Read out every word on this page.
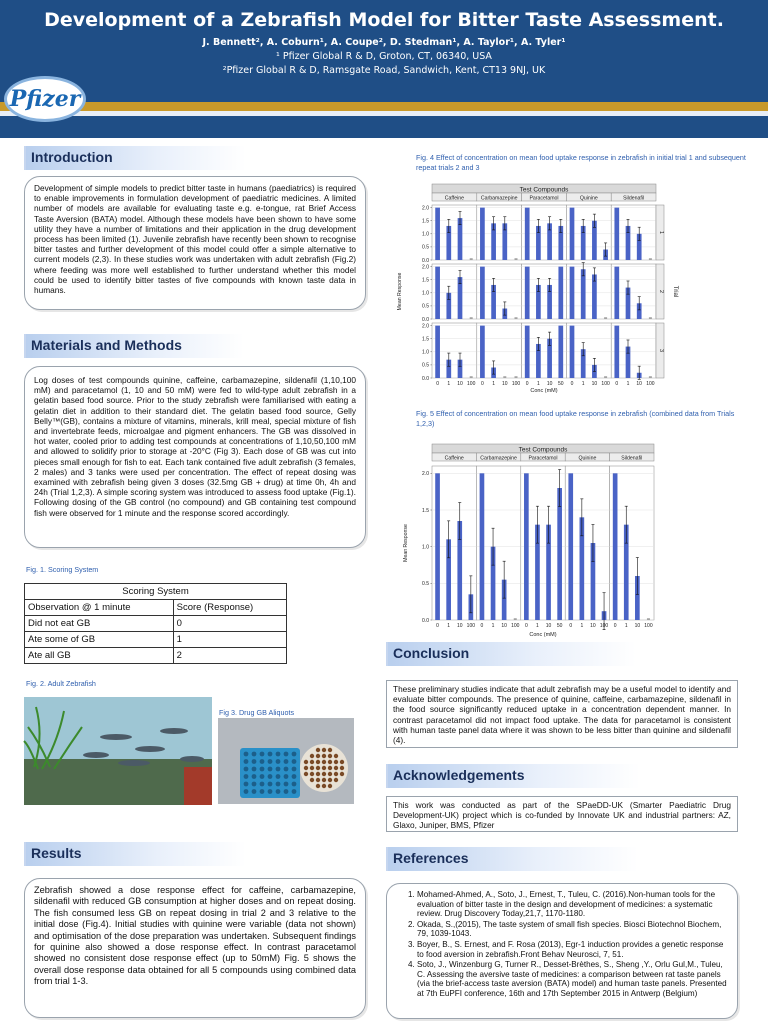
Development of a Zebrafish Model for Bitter Taste Assessment.
J. Bennett², A. Coburn¹, A. Coupe², D. Stedman¹, A. Taylor¹, A. Tyler¹
¹ Pfizer Global R & D, Groton, CT, 06340, USA
²Pfizer Global R & D, Ramsgate Road, Sandwich, Kent, CT13 9NJ, UK
Pfizer
Introduction

Development of simple models to predict bitter taste in humans (paediatrics) is required to enable improvements in formulation development of paediatric medicines. A limited number of models are available for evaluating taste e.g. e-tongue, rat Brief Access Taste Aversion (BATA) model. Although these models have been shown to have some utility they have a number of limitations and their application in the drug development process has been limited (1). Juvenile zebrafish have recently been shown to recognise bitter tastes and further development of this model could offer a simple alternative to current models (2,3). In these studies work was undertaken with adult zebrafish (Fig.2) where feeding was more well established to further understand whether this model could be used to identify bitter tastes of five compounds with known taste data in humans.

Materials and Methods

Log doses of test compounds quinine, caffeine, carbamazepine, sildenafil (1,10,100 mM) and paracetamol (1, 10 and 50 mM) were fed to wild-type adult zebrafish in a gelatin based food source. Prior to the study zebrafish were familiarised with eating a gelatin diet in addition to their standard diet. The gelatin based food source, Gelly Belly™(GB), contains a mixture of vitamins, minerals, krill meal, special mixture of fish and invertebrate feeds, microalgae and pigment enhancers. The GB was dissolved in hot water, cooled prior to adding test compounds at concentrations of 1,10,50,100 mM and allowed to solidify prior to storage at -20°C (Fig 3). Each dose of GB was cut into pieces small enough for fish to eat. Each tank contained five adult zebrafish (3 females, 2 males) and 3 tanks were used per concentration. The effect of repeat dosing was examined with zebrafish being given 3 doses (32.5mg GB + drug) at time 0h, 4h and 24h (Trial 1,2,3). A simple scoring system was introduced to assess food uptake (Fig.1). Following dosing of the GB control (no compound) and GB containing test compound fish were observed for 1 minute and the response scored accordingly.

Fig. 1. Scoring System
Scoring System	
Observation @ 1 minute	Score (Response)
Did not eat GB	0
Ate some of GB	1
Ate all GB	2
Fig. 2. Adult Zebrafish
Fig 3. Drug GB Aliquots
Results

Zebrafish showed a dose response effect for caffeine, carbamazepine, sildenafil with reduced GB consumption at higher doses and on repeat dosing. The fish consumed less GB on repeat dosing in trial 2 and 3 relative to the initial dose (Fig.4). Initial studies with quinine were variable (data not shown) and optimisation of the dose preparation was undertaken. Subsequent findings for quinine also showed a dose response effect. In contrast paracetamol showed no consistent dose response effect (up to 50mM) Fig. 5 shows the overall dose response data obtained for all 5 compounds using combined data from trial 1-3.

Fig. 4 Effect of concentration on mean food uptake response in zebrafish in initial trial 1 and subsequent repeat trials 2 and 3
Test Compounds
Caffeine	Carbamazepine Paracetamol	Quinine	Sildenafil
0.0
0.5
1.0
1.5
2.0
1
0.0
0.5
1.0
1.5
2.0
2
0.0
0.5
1.0
1.5
2.0
0 1 10 100 0 1 10 100 0 1 10 50 0 1 10 100 0 1 10 100
3
Trial
Conc (mM)
Mean Response
Fig. 5 Effect of concentration on mean food uptake response in zebrafish (combined data from Trials 1,2,3)
Test Compounds
Caffeine	Carbamazepine Paracetamol	Quinine	Sildenafil
0.0
0.5
1.0
1.5
2.0
0 1 10 100 0 1 10 100 0 1 10 50 0 1 10 100 0 1 10 100
Conc (mM)
Mean Response
Conclusion

These preliminary studies indicate that adult zebrafish may be a useful model to identify and evaluate bitter compounds. The presence of quinine, caffeine, carbamazepine, sildenafil in the food source significantly reduced uptake in a concentration dependent manner. In contrast paracetamol did not impact food uptake. The data for paracetamol is consistent with human taste panel data where it was shown to be less bitter than quinine and sildenafil (4).

Acknowledgements

This work was conducted as part of the SPaeDD-UK (Smarter Paediatric Drug Development-UK) project which is co-funded by Innovate UK and industrial partners: AZ, Glaxo, Juniper, BMS, Pfizer

References
1. Mohamed-Ahmed, A., Soto, J., Ernest, T., Tuleu, C. (2016).Non-human tools for the evaluation of bitter taste in the design and development of medicines: a systematic review. Drug Discovery Today,21,7, 1170-1180.
2. Okada, S.,(2015), The taste system of small fish species. Biosci Biotechnol Biochem, 79, 1039-1043.
3. Boyer, B., S. Ernest, and F. Rosa (2013), Egr-1 induction provides a genetic response to food aversion in zebrafish.Front Behav Neurosci, 7, 51.
4. Soto, J., Winzenburg G, Turner R., Desset-Brèthes, S., Sheng ,Y., Orlu Gul,M., Tuleu, C. Assessing the aversive taste of medicines: a comparison between rat taste panels (via the brief-access taste aversion (BATA) model) and human taste panels. Presented at 7th EuPFI conference, 16th and 17th September 2015 in Antwerp (Belgium)
